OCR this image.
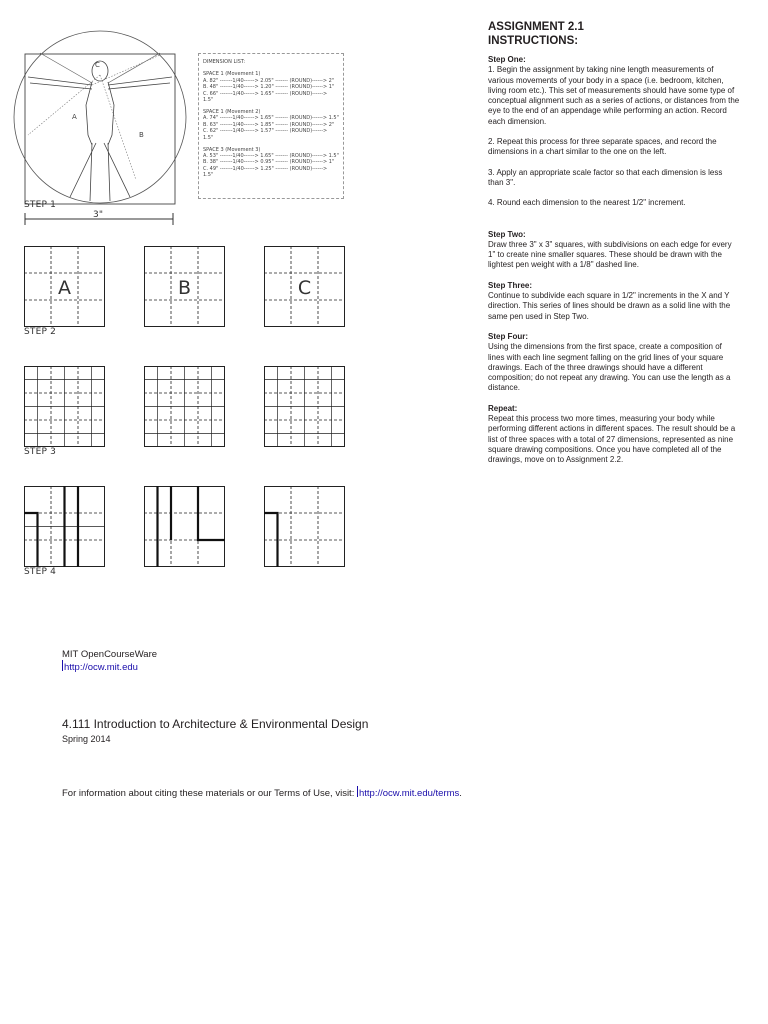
A
B
C
STEP 1
3"
DIMENSION LIST:
SPACE 1 (Movement 1)
A. 82" -------1/40------> 2.05" ------- (ROUND)------> 2"
B. 48" -------1/40------> 1.20" ------- (ROUND)------> 1"
C. 66" -------1/40------> 1.65" ------- (ROUND)------> 1.5"
SPACE 1 (Movement 2)
A. 74" -------1/40------> 1.65" ------- (ROUND)------> 1.5"
B. 63" -------1/40------> 1.85" ------- (ROUND)------> 2"
C. 62" -------1/40------> 1.57" ------- (ROUND)------> 1.5"
SPACE 3 (Movement 3)
A. 53" -------1/40------> 1.65" ------- (ROUND)------> 1.5"
B. 38" -------1/40------> 0.95" ------- (ROUND)------> 1"
C. 49" -------1/40------> 1.25" ------- (ROUND)------> 1.5"
A	B	C
STEP 2
STEP 3
STEP 4
ASSIGNMENT 2.1
INSTRUCTIONS:

Step One:

1. Begin the assignment by taking nine length measurements of various movements of your body in a space (i.e. bedroom, kitchen, living room etc.). This set of measurements should have some type of conceptual alignment such as a series of actions, or distances from the eye to the end of an appendage while performing an action. Record each dimension.

2. Repeat this process for three separate spaces, and record the dimensions in a chart similar to the one on the left.

3. Apply an appropriate scale factor so that each dimension is less than 3".

4. Round each dimension to the nearest 1/2" increment.

Step Two:

Draw three 3" x 3" squares, with subdivisions on each edge for every 1" to create nine smaller squares. These should be drawn with the lightest pen weight with a 1/8" dashed line.

Step Three:

Continue to subdivide each square in 1/2" increments in the X and Y direction. This series of lines should be drawn as a solid line with the same pen used in Step Two.

Step Four:

Using the dimensions from the first space, create a composition of lines with each line segment falling on the grid lines of your square drawings. Each of the three drawings should have a different composition; do not repeat any drawing. You can use the length as a distance.

Repeat:

Repeat this process two more times, measuring your body while performing different actions in different spaces. The result should be a list of three spaces with a total of 27 dimensions, represented as nine square drawing compositions. Once you have completed all of the drawings, move on to Assignment 2.2.

MIT OpenCourseWare
http://ocw.mit.edu
4.111 Introduction to Architecture & Environmental Design
Spring 2014
For information about citing these materials or our Terms of Use, visit: http://ocw.mit.edu/terms.
